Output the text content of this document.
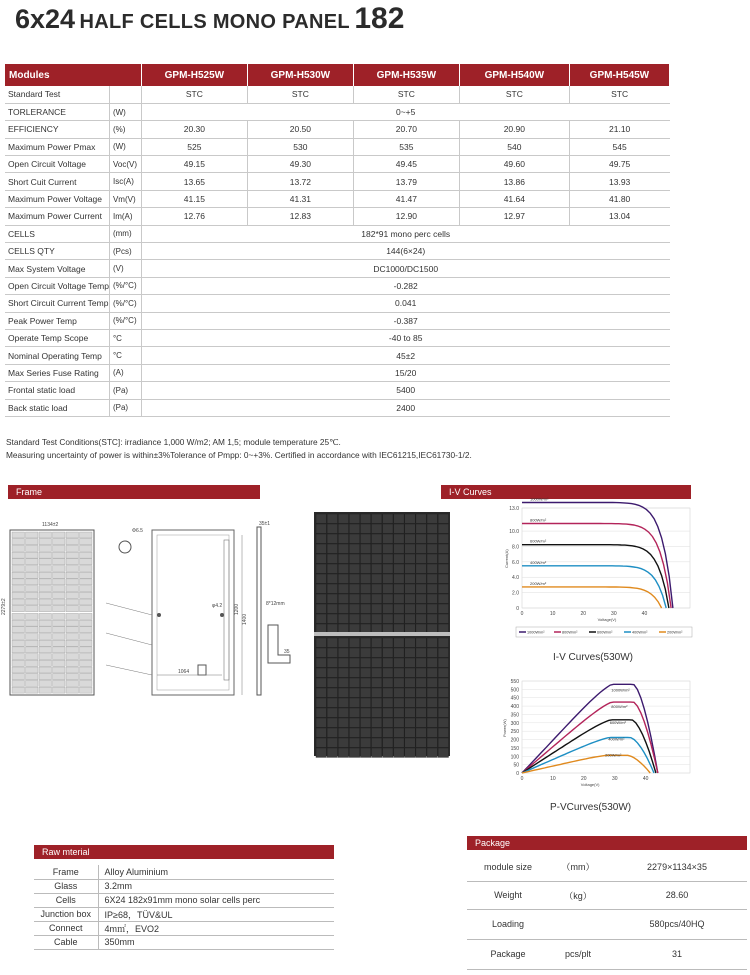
6x24 HALF CELLS MONO PANEL 182
Modules		GPM-H525W	GPM-H530W	GPM-H535W	GPM-H540W	GPM-H545W
Standard Test		STC	STC	STC	STC	STC
TORLERANCE	(W)	0~+5				
EFFICIENCY	(%)	20.30	20.50	20.70	20.90	21.10
Maximum Power Pmax	(W)	525	530	535	540	545
Open Circuit Voltage	Voc(V)	49.15	49.30	49.45	49.60	49.75
Short Cuit Current	Isc(A)	13.65	13.72	13.79	13.86	13.93
Maximum Power Voltage	Vm(V)	41.15	41.31	41.47	41.64	41.80
Maximum Power Current	Im(A)	12.76	12.83	12.90	12.97	13.04
CELLS	(mm)	182*91 mono perc cells				
CELLS QTY	(Pcs)	144(6×24)				
Max System Voltage	(V)	DC1000/DC1500				
Open Circuit Voltage Temp	(%/°C)	-0.282				
Short Circuit Current Temp	(%/°C)	0.041				
Peak Power Temp	(%/°C)	-0.387				
Operate Temp Scope	°C	-40 to 85				
Nominal Operating Temp	°C	45±2				
Max Series Fuse Rating	(A)	15/20				
Frontal static load	(Pa)	5400				
Back static load	(Pa)	2400				
Standard Test Conditions(STC]: irradiance 1,000 W/m2; AM 1,5; module temperature 25℃.
Measuring uncertainty of power is within±3%Tolerance of Pmpp: 0~+3%. Certified in accordance with IEC61215,IEC61730-1/2.
Frame
1134±2
2279±2
1064
1400
1200
φ4.2
Φ6.5
35±1
35
8*12mm
I-V Curves
0
2.0
4.0
6.0
8.0
10.0
13.0
0	10	20	30	40
Voltage(V)
Current(A)
1000W/m²
1000W/m²
800W/m²
800W/m²
600W/m²
600W/m²
400W/m²
400W/m²
200W/m²
200W/m²
I-V Curves(530W)
0
50
100
150
200
250
300
350
400
450
500
550
0	10	20	30	40
Voltage(V)
Power(W)
1000W/m²
800W/m²
600W/m²
400W/m²
200W/m²
P-VCurves(530W)
Raw mterial
Frame	Alloy Aluminium
Glass	3.2mm
Cells	6X24 182x91mm mono solar cells perc
Junction box	IP≥68，TÜV&UL
Connect	4m㎡，EVO2
Cable	350mm
Package
module size	（mm）	2279×1134×35
Weight	（kg）	28.60
Loading		580pcs/40HQ
Package	pcs/plt	31
